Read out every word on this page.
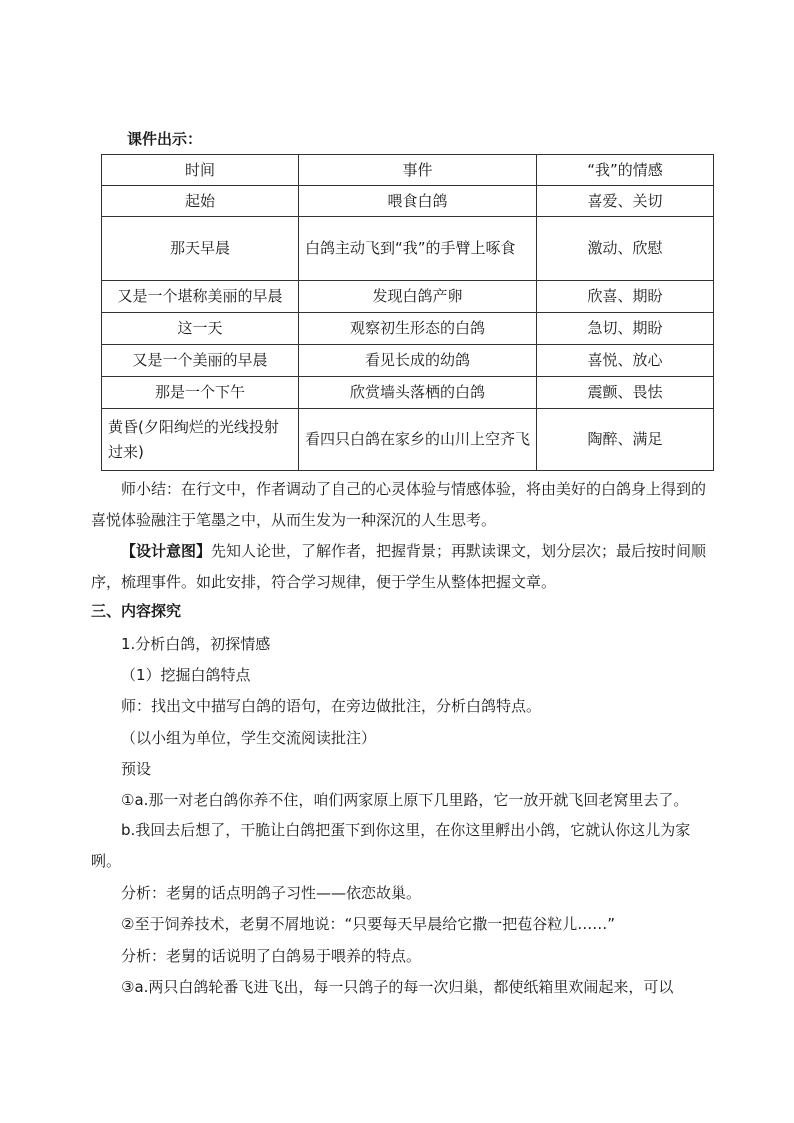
课件出示：
时间	事件	“我”的情感
起始	喂食白鸽	喜爱、关切
那天早晨	白鸽主动飞到“我”的手臂上啄食	激动、欣慰
又是一个堪称美丽的早晨	发现白鸽产卵	欣喜、期盼
这一天	观察初生形态的白鸽	急切、期盼
又是一个美丽的早晨	看见长成的幼鸽	喜悦、放心
那是一个下午	欣赏墙头落栖的白鸽	震颤、畏怯
黄昏(夕阳绚烂的光线投射过来)	看四只白鸽在家乡的山川上空齐飞	陶醉、满足

师小结：在行文中，作者调动了自己的心灵体验与情感体验，将由美好的白鸽身上得到的喜悦体验融注于笔墨之中，从而生发为一种深沉的人生思考。

【设计意图】先知人论世，了解作者，把握背景；再默读课文，划分层次；最后按时间顺序，梳理事件。如此安排，符合学习规律，便于学生从整体把握文章。

三、内容探究
1.分析白鸽，初探情感
（1）挖掘白鸽特点
师：找出文中描写白鸽的语句，在旁边做批注，分析白鸽特点。
（以小组为单位，学生交流阅读批注）
预设
①a.那一对老白鸽你养不住，咱们两家原上原下几里路，它一放开就飞回老窝里去了。

b.我回去后想了，干脆让白鸽把蛋下到你这里，在你这里孵出小鸽，它就认你这儿为家咧。

分析：老舅的话点明鸽子习性——依恋故巢。
②至于饲养技术，老舅不屑地说：“只要每天早晨给它撒一把苞谷粒儿……”
分析：老舅的话说明了白鸽易于喂养的特点。
③a.两只白鸽轮番飞进飞出，每一只鸽子的每一次归巢，都使纸箱里欢闹起来，可以
